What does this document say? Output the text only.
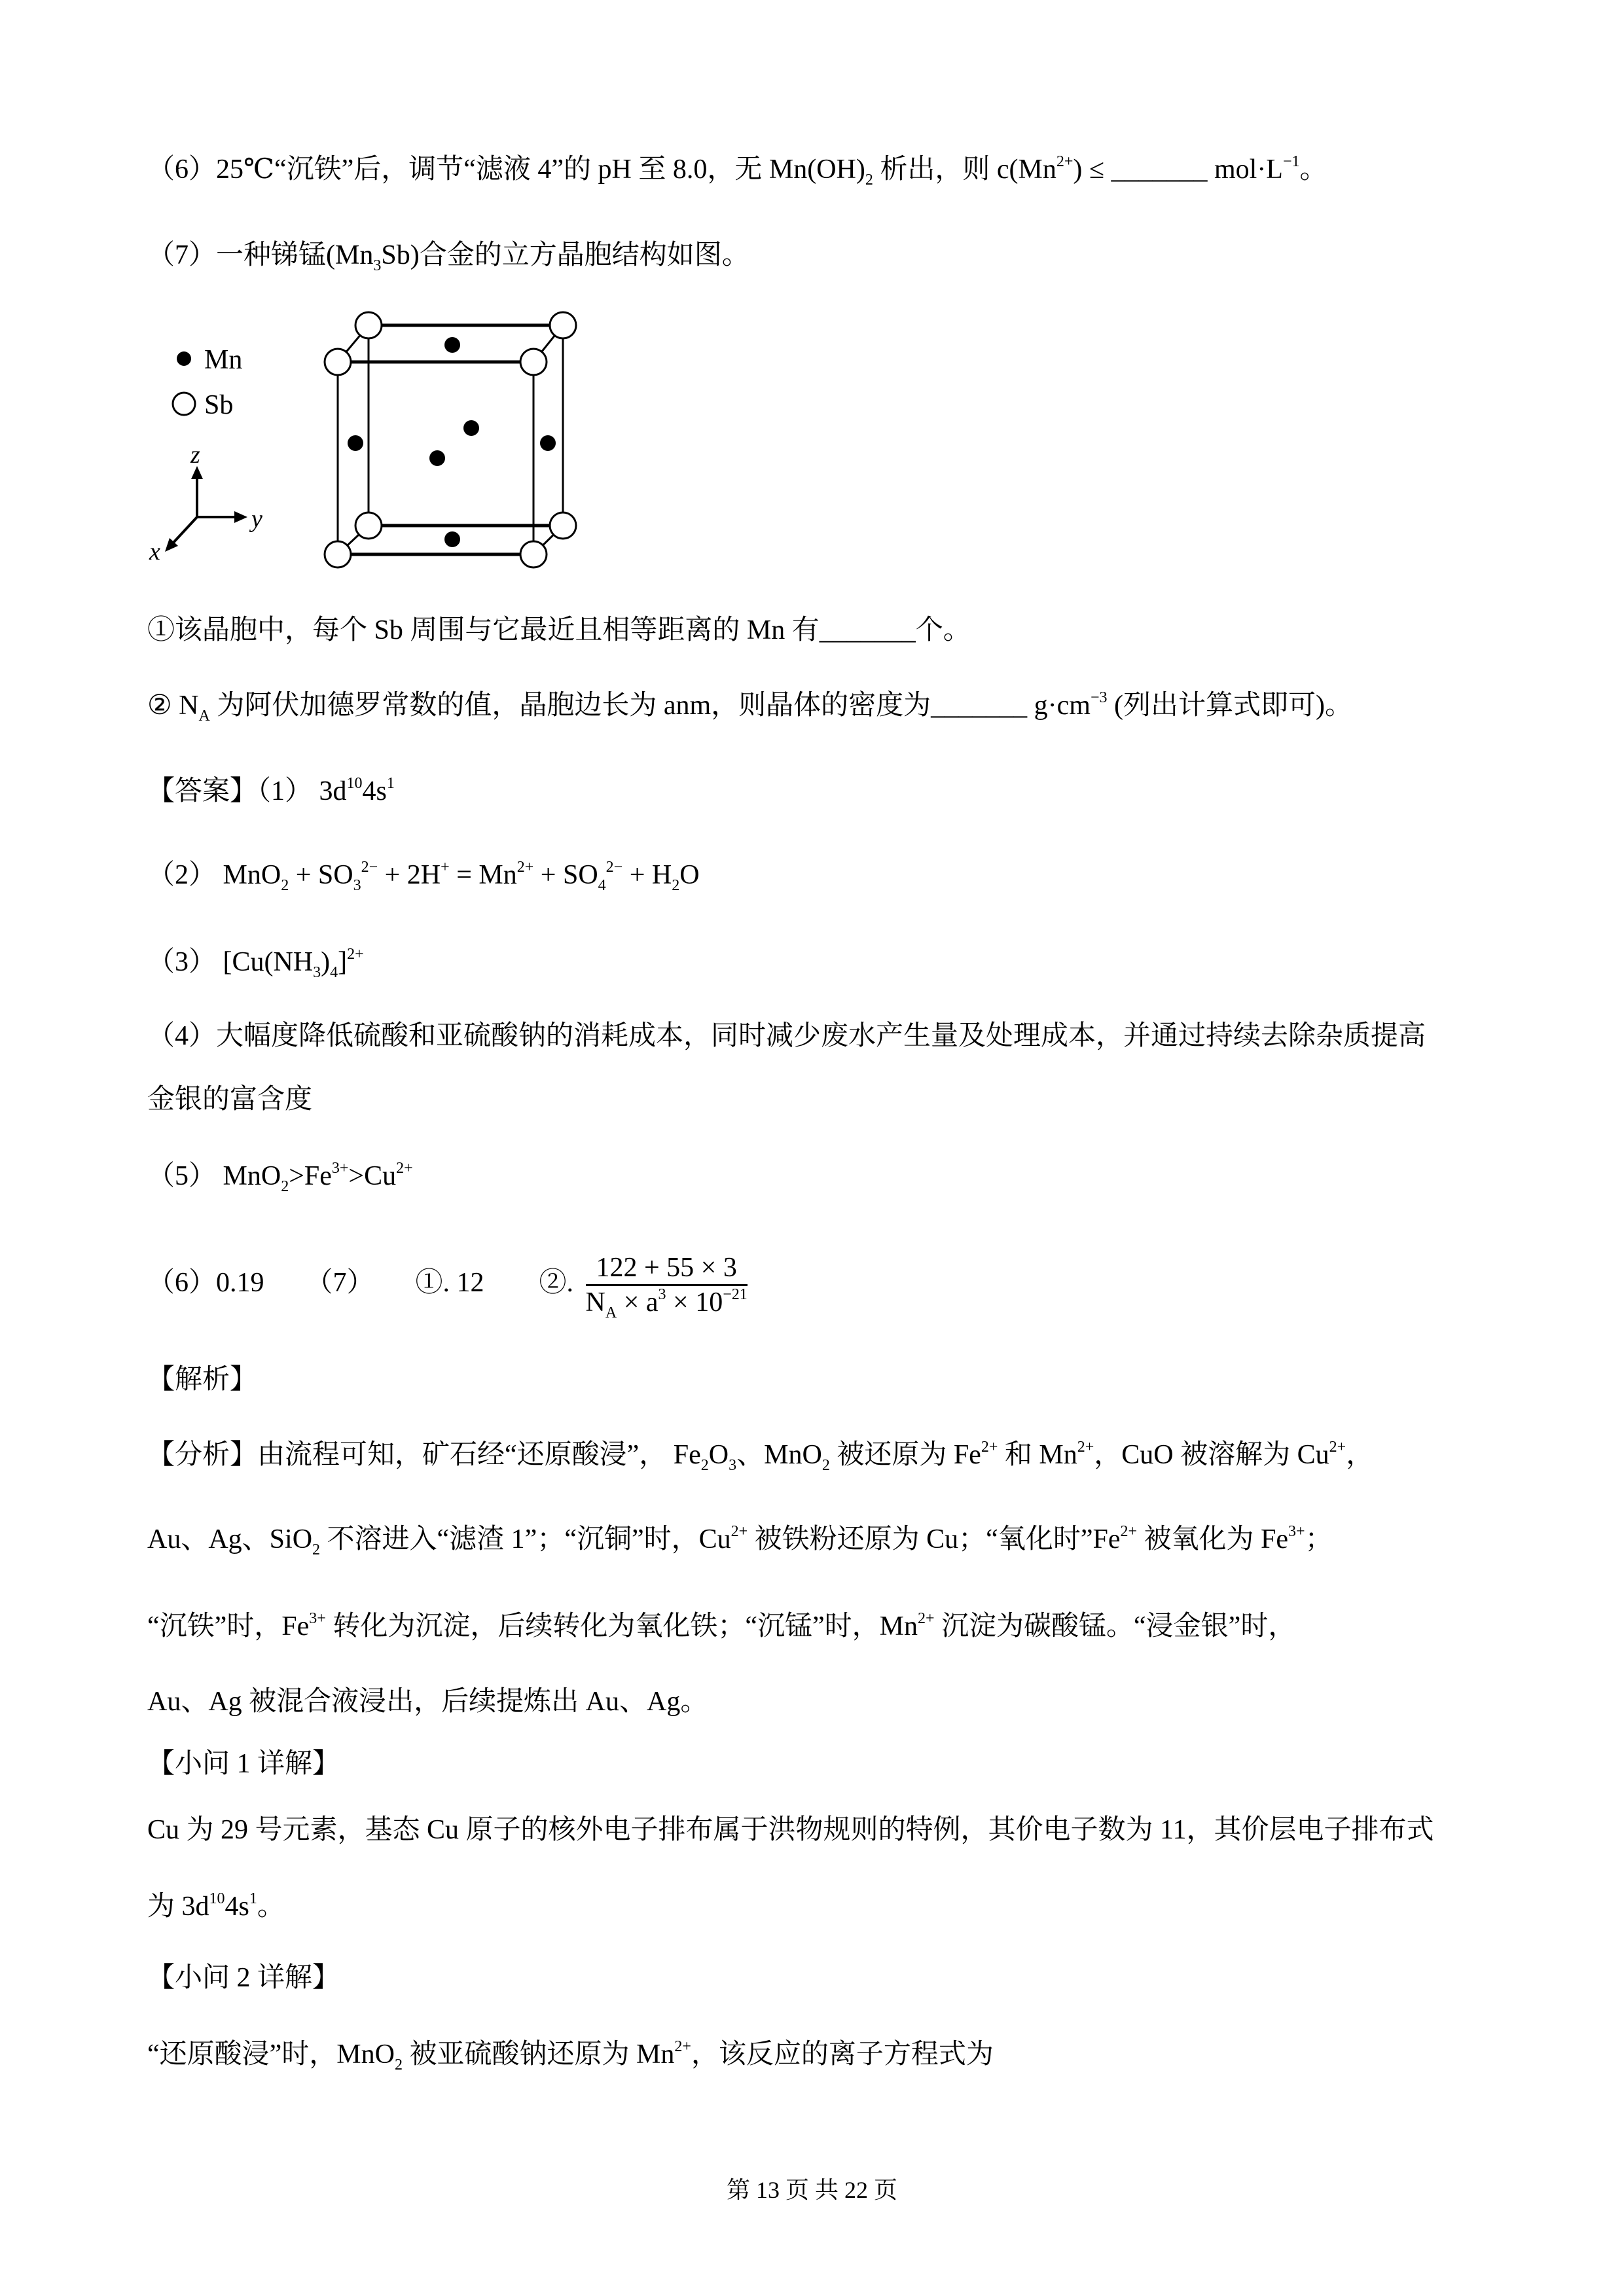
（6）25℃“沉铁”后，调节“滤液 4”的 pH 至 8.0，无 $Mn(OH)_2$ 析出，则 $c(Mn^{2+})$ ≤ _______ $mol\cdot L^{-1}$。
（7）一种锑锰$(Mn_3Sb)$合金的立方晶胞结构如图。
①该晶胞中，每个 Sb 周围与它最近且相等距离的 Mn 有_______个。
② $N_A$ 为阿伏加德罗常数的值，晶胞边长为 anm，则晶体的密度为_______ $g\cdot cm^{-3}$ (列出计算式即可)。
【答案】（1） $3d^{10}4s^1$
（2） $MnO_2 + SO_3^{2-} + 2H^+ = Mn^{2+} + SO_4^{2-} + H_2O$
（3） $[Cu(NH_3)_4]^{2+}$
（4）大幅度降低硫酸和亚硫酸钠的消耗成本，同时减少废水产生量及处理成本，并通过持续去除杂质提高
金银的富含度
（5） $MnO_2>Fe^{3+}>Cu^{2+}$
（6）0.19　　（7）　　①. 12　　②. $\frac{122 + 55 \times 3}{N_A \times a^3 \times 10^{-21}}$
【解析】
【分析】由流程可知，矿石经“还原酸浸”， $Fe_2O_3$、MnO$_2$ 被还原为 $Fe^{2+}$ 和 $Mn^{2+}$，CuO 被溶解为 $Cu^{2+}$，
Au、Ag、SiO$_2$ 不溶进入“滤渣 1”；“沉铜”时，$Cu^{2+}$ 被铁粉还原为 Cu；“氧化时$”Fe^{2+}$ 被氧化为 $Fe^{3+}$；
“沉铁”时，$Fe^{3+}$ 转化为沉淀，后续转化为氧化铁；“沉锰”时，$Mn^{2+}$ 沉淀为碳酸锰。“浸金银”时，
Au、Ag 被混合液浸出，后续提炼出 Au、Ag。
【小问 1 详解】
Cu 为 29 号元素，基态 Cu 原子的核外电子排布属于洪物规则的特例，其价电子数为 11，其价层电子排布式
为 $3d^{10}4s^1$。
【小问 2 详解】
“还原酸浸”时，MnO$_2$ 被亚硫酸钠还原为 $Mn^{2+}$，该反应的离子方程式为
Mn
Sb
z
y
x
第 13 页 共 22 页
